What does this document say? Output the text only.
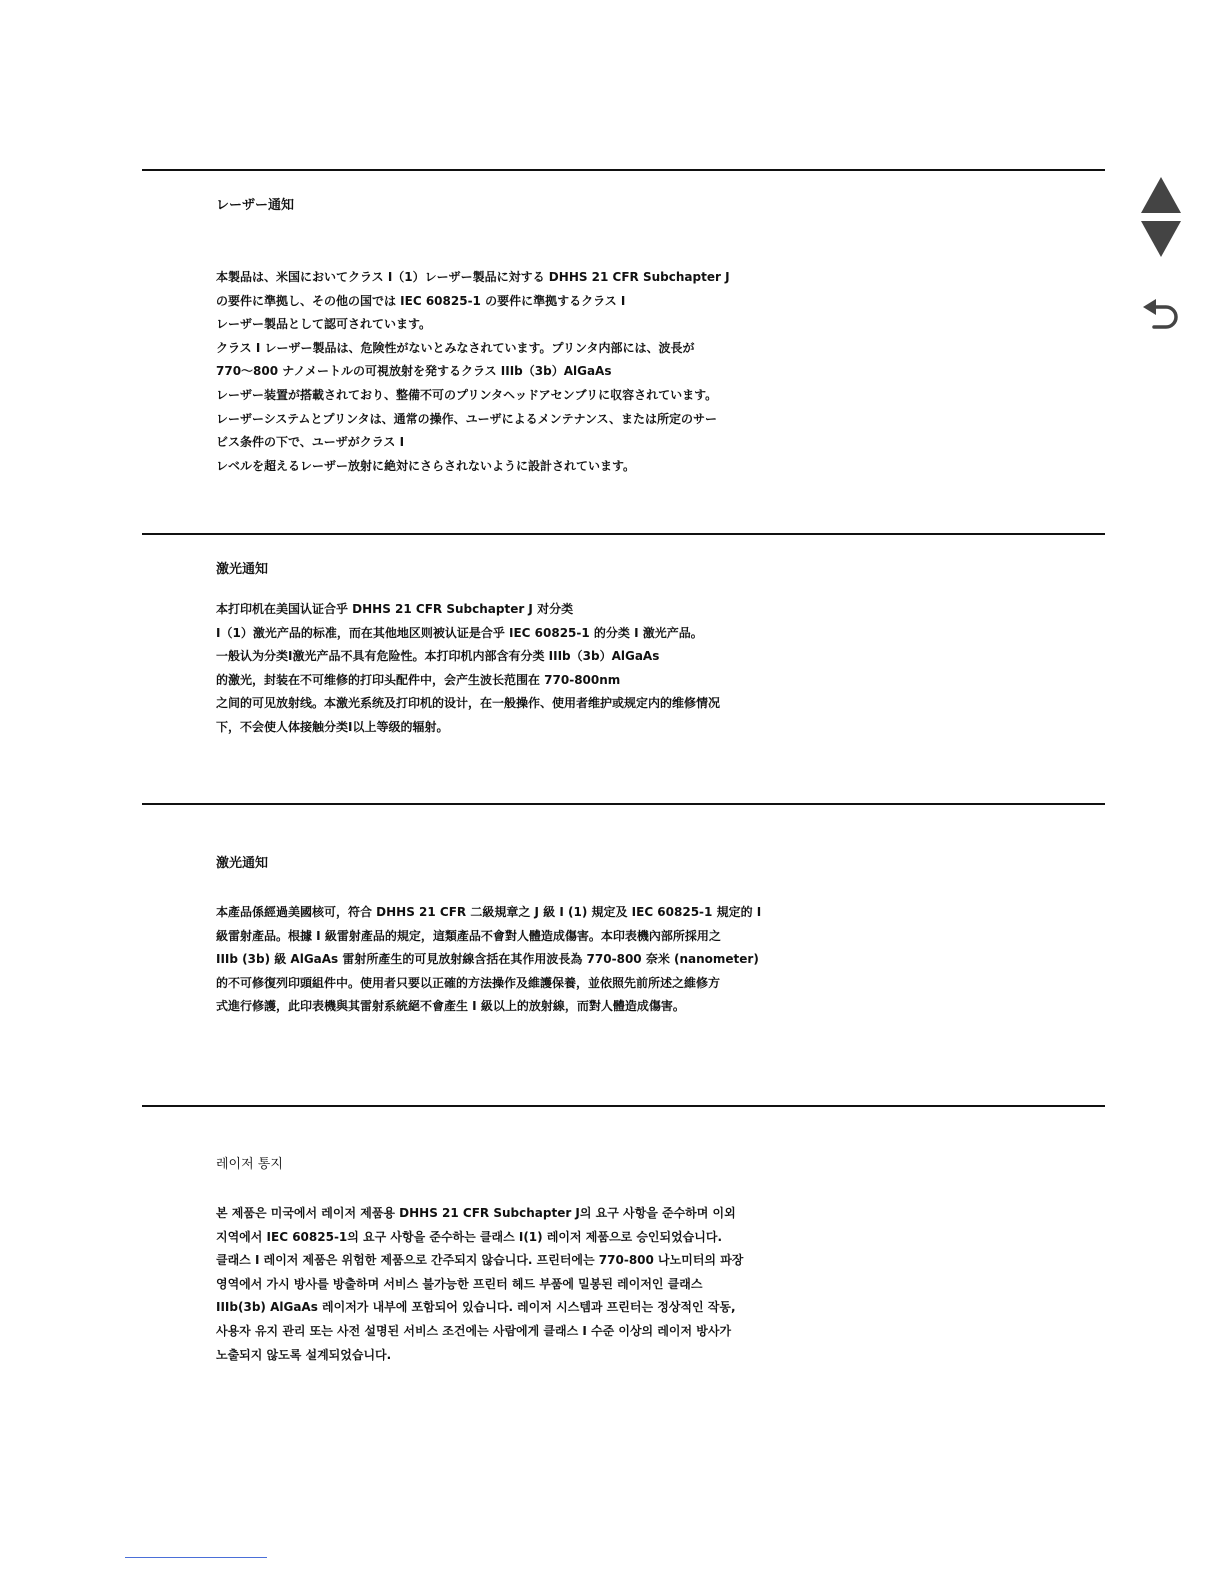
レーザー通知
本製品は、米国においてクラス I（1）レーザー製品に対する DHHS 21 CFR Subchapter J
の要件に準拠し、その他の国では IEC 60825-1 の要件に準拠するクラス I
レーザー製品として認可されています。
クラス I レーザー製品は、危険性がないとみなされています。プリンタ内部には、波長が
770～800 ナノメートルの可視放射を発するクラス IIIb（3b）AlGaAs
レーザー装置が搭載されており、整備不可のプリンタヘッドアセンブリに収容されています。
レーザーシステムとプリンタは、通常の操作、ユーザによるメンテナンス、または所定のサー
ビス条件の下で、ユーザがクラス I
レベルを超えるレーザー放射に絶対にさらされないように設計されています。
激光通知
本打印机在美国认证合乎 DHHS 21 CFR Subchapter J 对分类
I（1）激光产品的标准，而在其他地区则被认证是合乎 IEC 60825-1 的分类 I 激光产品。
一般认为分类I激光产品不具有危险性。本打印机内部含有分类 IIIb（3b）AlGaAs
的激光，封装在不可维修的打印头配件中，会产生波长范围在 770-800nm
之间的可见放射线。本激光系统及打印机的设计，在一般操作、使用者维护或规定内的维修情况
下，不会使人体接触分类I以上等级的辐射。
激光通知
本產品係經過美國核可，符合 DHHS 21 CFR 二級規章之 J 級 I (1) 規定及 IEC 60825-1 規定的 I
級雷射產品。根據 I 級雷射產品的規定，這類產品不會對人體造成傷害。本印表機內部所採用之
IIIb (3b) 級 AlGaAs 雷射所產生的可見放射線含括在其作用波長為 770-800 奈米 (nanometer)
的不可修復列印頭組件中。使用者只要以正確的方法操作及維護保養，並依照先前所述之維修方
式進行修護，此印表機與其雷射系統絕不會產生 I 級以上的放射線，而對人體造成傷害。
레이저 통지
본 제품은 미국에서 레이저 제품용 DHHS 21 CFR Subchapter J의 요구 사항을 준수하며 이외
지역에서 IEC 60825-1의 요구 사항을 준수하는 클래스 I(1) 레이저 제품으로 승인되었습니다.
클래스 I 레이저 제품은 위험한 제품으로 간주되지 않습니다. 프린터에는 770-800 나노미터의 파장
영역에서 가시 방사를 방출하며 서비스 불가능한 프린터 헤드 부품에 밀봉된 레이저인 클래스
IIIb(3b) AlGaAs 레이저가 내부에 포함되어 있습니다. 레이저 시스템과 프린터는 정상적인 작동,
사용자 유지 관리 또는 사전 설명된 서비스 조건에는 사람에게 클래스 I 수준 이상의 레이저 방사가
노출되지 않도록 설계되었습니다.
